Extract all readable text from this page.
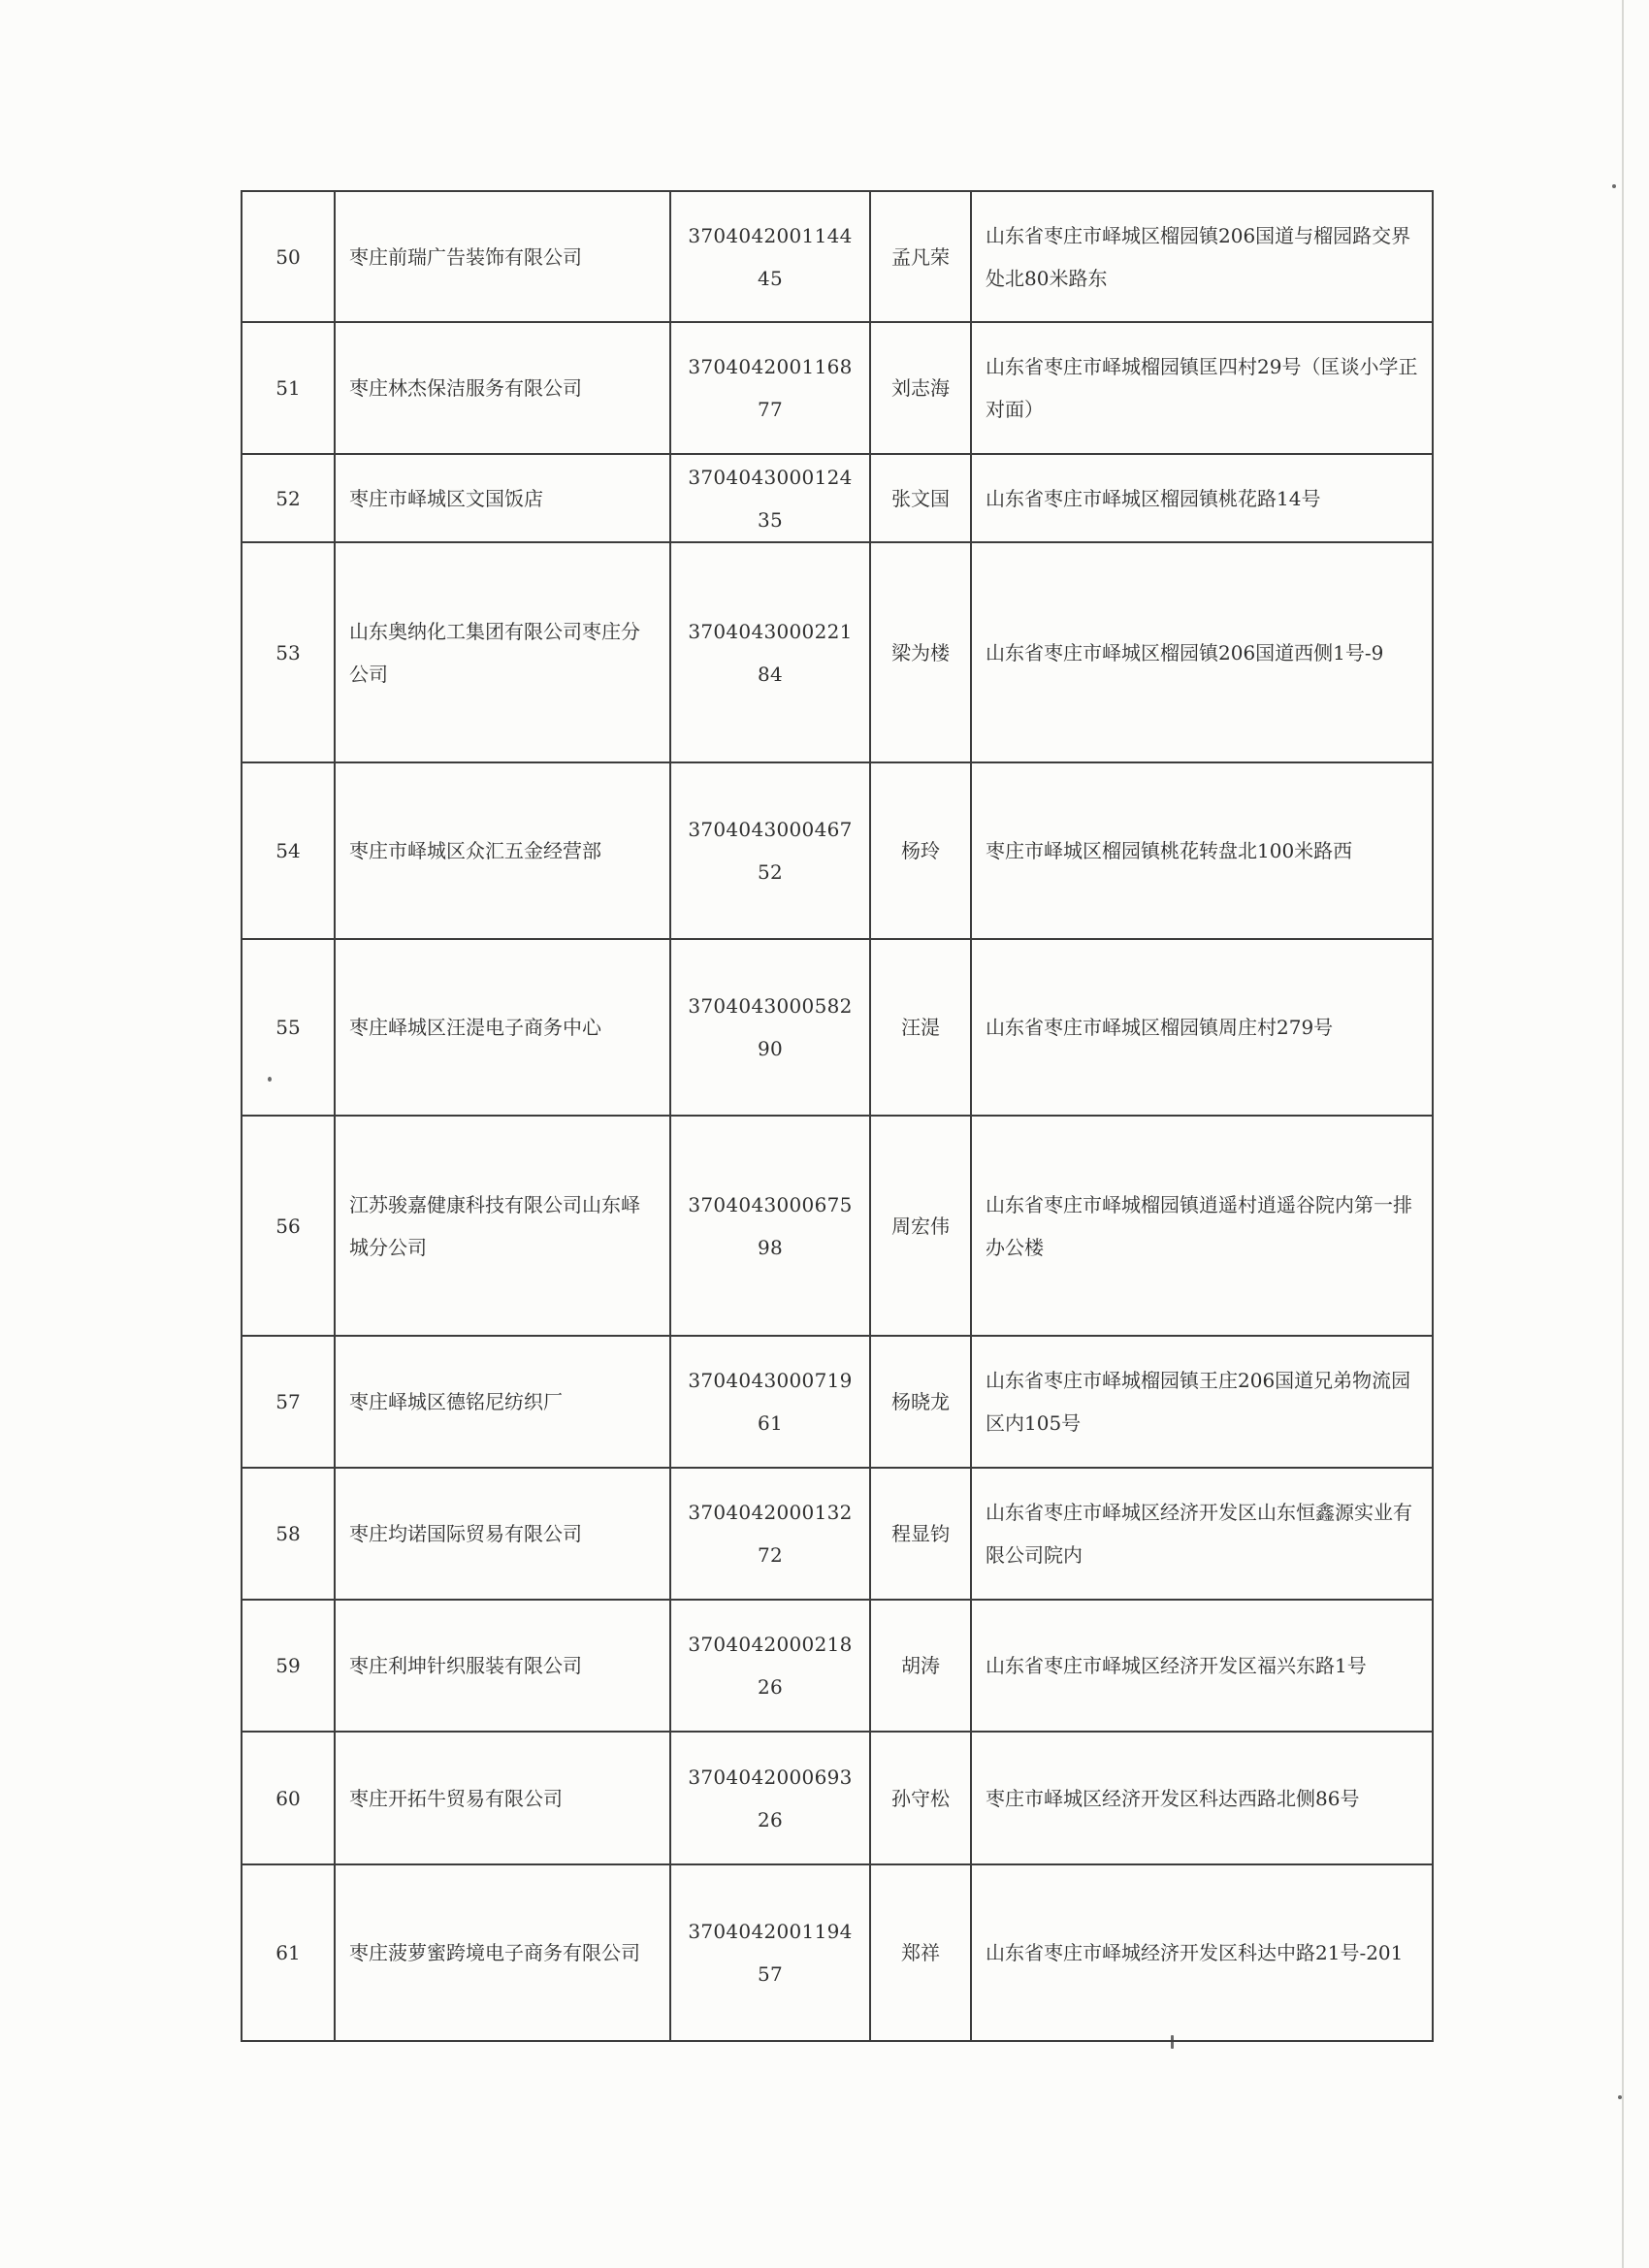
50	枣庄前瑞广告装饰有限公司	370404200114445	孟凡荣	山东省枣庄市峄城区榴园镇206国道与榴园路交界处北80米路东
51	枣庄林杰保洁服务有限公司	370404200116877	刘志海	山东省枣庄市峄城榴园镇匡四村29号（匡谈小学正对面）
52	枣庄市峄城区文国饭店	370404300012435	张文国	山东省枣庄市峄城区榴园镇桃花路14号
53	山东奥纳化工集团有限公司枣庄分公司	370404300022184	梁为楼	山东省枣庄市峄城区榴园镇206国道西侧1号-9
54	枣庄市峄城区众汇五金经营部	370404300046752	杨玲	枣庄市峄城区榴园镇桃花转盘北100米路西
55	枣庄峄城区汪湜电子商务中心	370404300058290	汪湜	山东省枣庄市峄城区榴园镇周庄村279号
56	江苏骏嘉健康科技有限公司山东峄城分公司	370404300067598	周宏伟	山东省枣庄市峄城榴园镇逍遥村逍遥谷院内第一排办公楼
57	枣庄峄城区德铭尼纺织厂	370404300071961	杨晓龙	山东省枣庄市峄城榴园镇王庄206国道兄弟物流园区内105号
58	枣庄均诺国际贸易有限公司	370404200013272	程显钧	山东省枣庄市峄城区经济开发区山东恒鑫源实业有限公司院内
59	枣庄利坤针织服装有限公司	370404200021826	胡涛	山东省枣庄市峄城区经济开发区福兴东路1号
60	枣庄开拓牛贸易有限公司	370404200069326	孙守松	枣庄市峄城区经济开发区科达西路北侧86号
61	枣庄菠萝蜜跨境电子商务有限公司	370404200119457	郑祥	山东省枣庄市峄城经济开发区科达中路21号-201
